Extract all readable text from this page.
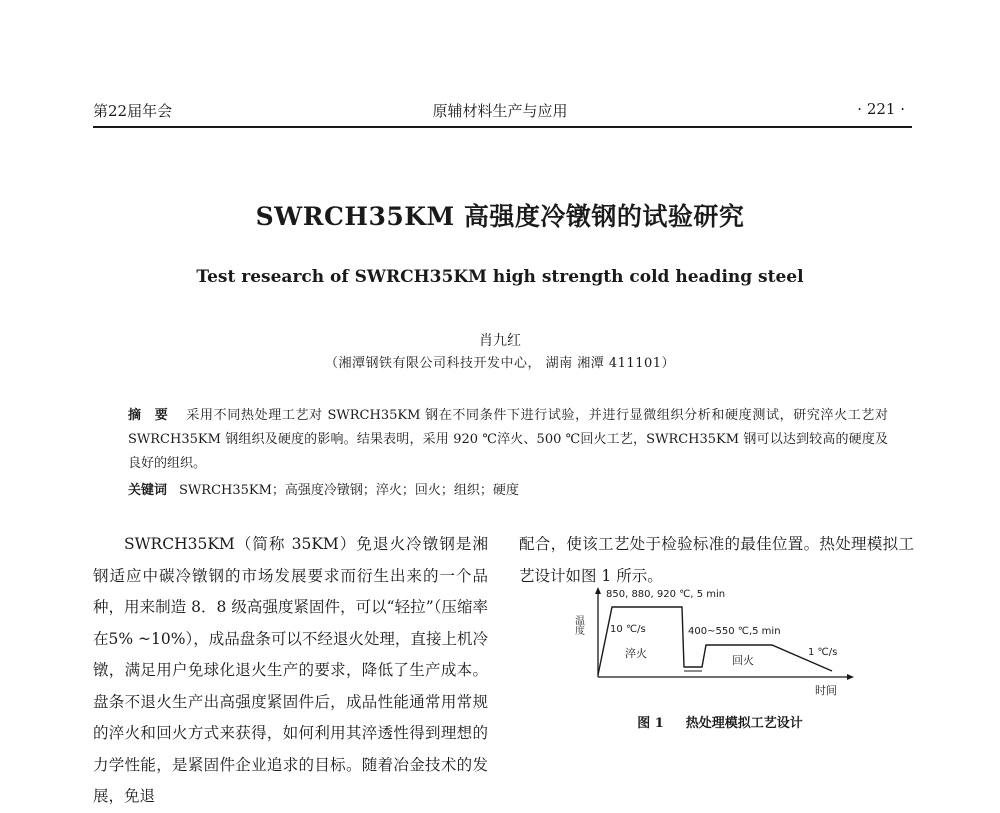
第22届年会	原辅材料生产与应用	· 221 ·
SWRCH35KM 高强度冷镦钢的试验研究
Test research of SWRCH35KM high strength cold heading steel
肖九红
（湘潭钢铁有限公司科技开发中心， 湖南 湘潭 411101）
摘 要 采用不同热处理工艺对 SWRCH35KM 钢在不同条件下进行试验，并进行显微组织分析和硬度测试，研究淬火工艺对 SWRCH35KM 钢组织及硬度的影响。结果表明，采用 920 ℃淬火、500 ℃回火工艺，SWRCH35KM 钢可以达到较高的硬度及良好的组织。
关键词 SWRCH35KM；高强度冷镦钢；淬火；回火；组织；硬度
SWRCH35KM（简称 35KM）免退火冷镦钢是湘钢适应中碳冷镦钢的市场发展要求而衍生出来的一个品种，用来制造 8．8 级高强度紧固件，可以“轻拉”（压缩率在5% ~10%），成品盘条可以不经退火处理，直接上机冷镦，满足用户免球化退火生产的要求，降低了生产成本。盘条不退火生产出高强度紧固件后，成品性能通常用常规的淬火和回火方式来获得，如何利用其淬透性得到理想的力学性能，是紧固件企业追求的目标。随着冶金技术的发展，免退
配合，使该工艺处于检验标准的最佳位置。热处理模拟工艺设计如图 1 所示。
温度
时间
850, 880, 920 ℃, 5 min
10 ℃/s
淬火
400~550 ℃,5 min
回火
1 ℃/s
图 1 热处理模拟工艺设计
